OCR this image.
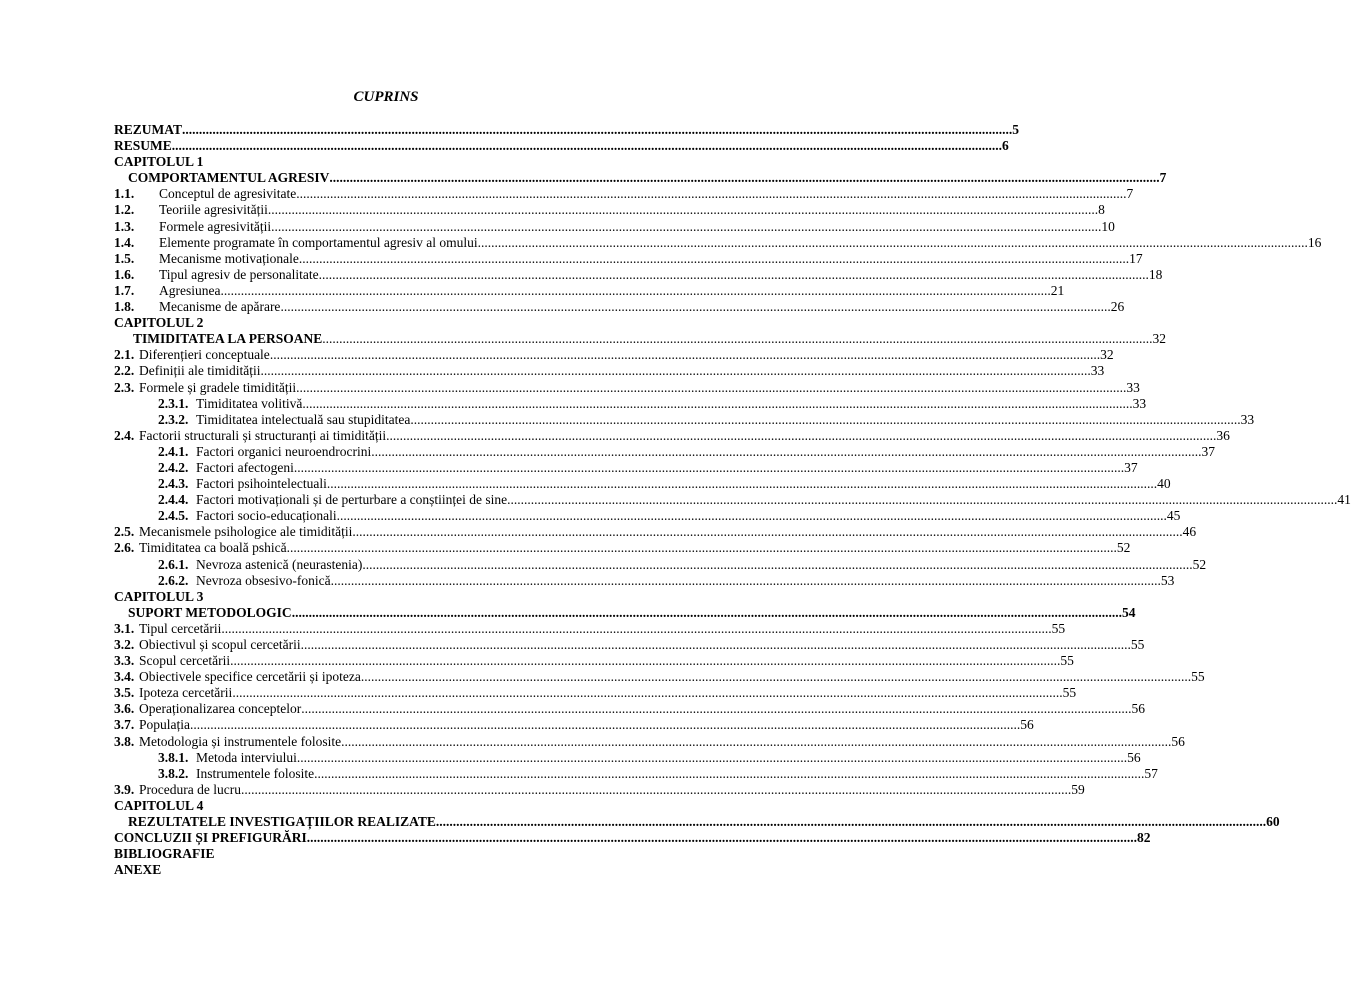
CUPRINS
REZUMAT ...................................................................................................................................................................................................................................................... 5
RESUME ...................................................................................................................................................................................................................................................... 6
CAPITOLUL 1
COMPORTAMENTUL AGRESIV ...................................................................................................................................................................................................................................................... 7
1.1. Conceptul de agresivitate ...................................................................................................................................................................................................................................................... 7
1.2. Teoriile agresivității ...................................................................................................................................................................................................................................................... 8
1.3. Formele agresivității ...................................................................................................................................................................................................................................................... 10
1.4. Elemente programate în comportamentul agresiv al omului ...................................................................................................................................................................................................................................................... 16
1.5. Mecanisme motivaționale ...................................................................................................................................................................................................................................................... 17
1.6. Tipul agresiv de personalitate ...................................................................................................................................................................................................................................................... 18
1.7. Agresiunea ...................................................................................................................................................................................................................................................... 21
1.8. Mecanisme de apărare ...................................................................................................................................................................................................................................................... 26
CAPITOLUL 2
TIMIDITATEA LA PERSOANE ...................................................................................................................................................................................................................................................... 32
2.1. Diferențieri conceptuale ...................................................................................................................................................................................................................................................... 32
2.2. Definiții ale timidității ...................................................................................................................................................................................................................................................... 33
2.3. Formele și gradele timidității ...................................................................................................................................................................................................................................................... 33
2.3.1. Timiditatea volitivă ...................................................................................................................................................................................................................................................... 33
2.3.2. Timiditatea intelectuală sau stupiditatea ...................................................................................................................................................................................................................................................... 33
2.4. Factorii structurali și structuranți ai timidității ...................................................................................................................................................................................................................................................... 36
2.4.1. Factori organici neuroendrocrini ...................................................................................................................................................................................................................................................... 37
2.4.2. Factori afectogeni ...................................................................................................................................................................................................................................................... 37
2.4.3. Factori psihointelectuali ...................................................................................................................................................................................................................................................... 40
2.4.4. Factori motivaționali și de perturbare a conștiinței de sine ...................................................................................................................................................................................................................................................... 41
2.4.5. Factori socio-educaționali ...................................................................................................................................................................................................................................................... 45
2.5. Mecanismele psihologice ale timidității ...................................................................................................................................................................................................................................................... 46
2.6. Timiditatea ca boală pshică ...................................................................................................................................................................................................................................................... 52
2.6.1. Nevroza astenică (neurastenia) ...................................................................................................................................................................................................................................................... 52
2.6.2. Nevroza obsesivo-fonică ...................................................................................................................................................................................................................................................... 53
CAPITOLUL 3
SUPORT METODOLOGIC ...................................................................................................................................................................................................................................................... 54
3.1. Tipul cercetării ...................................................................................................................................................................................................................................................... 55
3.2. Obiectivul și scopul cercetării ...................................................................................................................................................................................................................................................... 55
3.3. Scopul cercetării ...................................................................................................................................................................................................................................................... 55
3.4. Obiectivele specifice cercetării și ipoteza ...................................................................................................................................................................................................................................................... 55
3.5. Ipoteza cercetării ...................................................................................................................................................................................................................................................... 55
3.6. Operaționalizarea conceptelor ...................................................................................................................................................................................................................................................... 56
3.7. Populația ...................................................................................................................................................................................................................................................... 56
3.8. Metodologia și instrumentele folosite ...................................................................................................................................................................................................................................................... 56
3.8.1. Metoda interviului ...................................................................................................................................................................................................................................................... 56
3.8.2. Instrumentele folosite ...................................................................................................................................................................................................................................................... 57
3.9. Procedura de lucru ...................................................................................................................................................................................................................................................... 59
CAPITOLUL 4
REZULTATELE INVESTIGAȚIILOR REALIZATE ...................................................................................................................................................................................................................................................... 60
CONCLUZII ȘI PREFIGURĂRI ...................................................................................................................................................................................................................................................... 82
BIBLIOGRAFIE
ANEXE
